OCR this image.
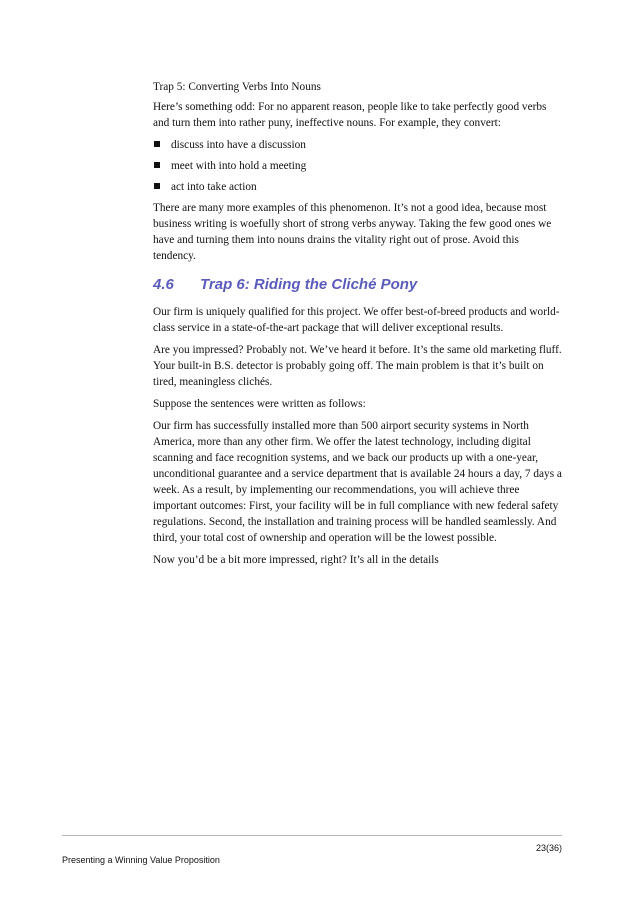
Trap 5: Converting Verbs Into Nouns

Here’s something odd: For no apparent reason, people like to take perfectly good verbs and turn them into rather puny, ineffective nouns. For example, they convert:

discuss into have a discussion
meet with into hold a meeting
act into take action

There are many more examples of this phenomenon. It’s not a good idea, because most business writing is woefully short of strong verbs anyway. Taking the few good ones we have and turning them into nouns drains the vitality right out of prose. Avoid this tendency.

4.6	Trap 6: Riding the Cliché Pony

Our firm is uniquely qualified for this project. We offer best-of-breed products and world-class service in a state-of-the-art package that will deliver exceptional results.

Are you impressed? Probably not. We’ve heard it before. It’s the same old marketing fluff. Your built-in B.S. detector is probably going off. The main problem is that it’s built on tired, meaningless clichés.

Suppose the sentences were written as follows:

Our firm has successfully installed more than 500 airport security systems in North America, more than any other firm. We offer the latest technology, including digital scanning and face recognition systems, and we back our products up with a one-year, unconditional guarantee and a service department that is available 24 hours a day, 7 days a week. As a result, by implementing our recommendations, you will achieve three important outcomes: First, your facility will be in full compliance with new federal safety regulations. Second, the installation and training process will be handled seamlessly. And third, your total cost of ownership and operation will be the lowest possible.

Now you’d be a bit more impressed, right? It’s all in the details

23(36)
Presenting a Winning Value Proposition
